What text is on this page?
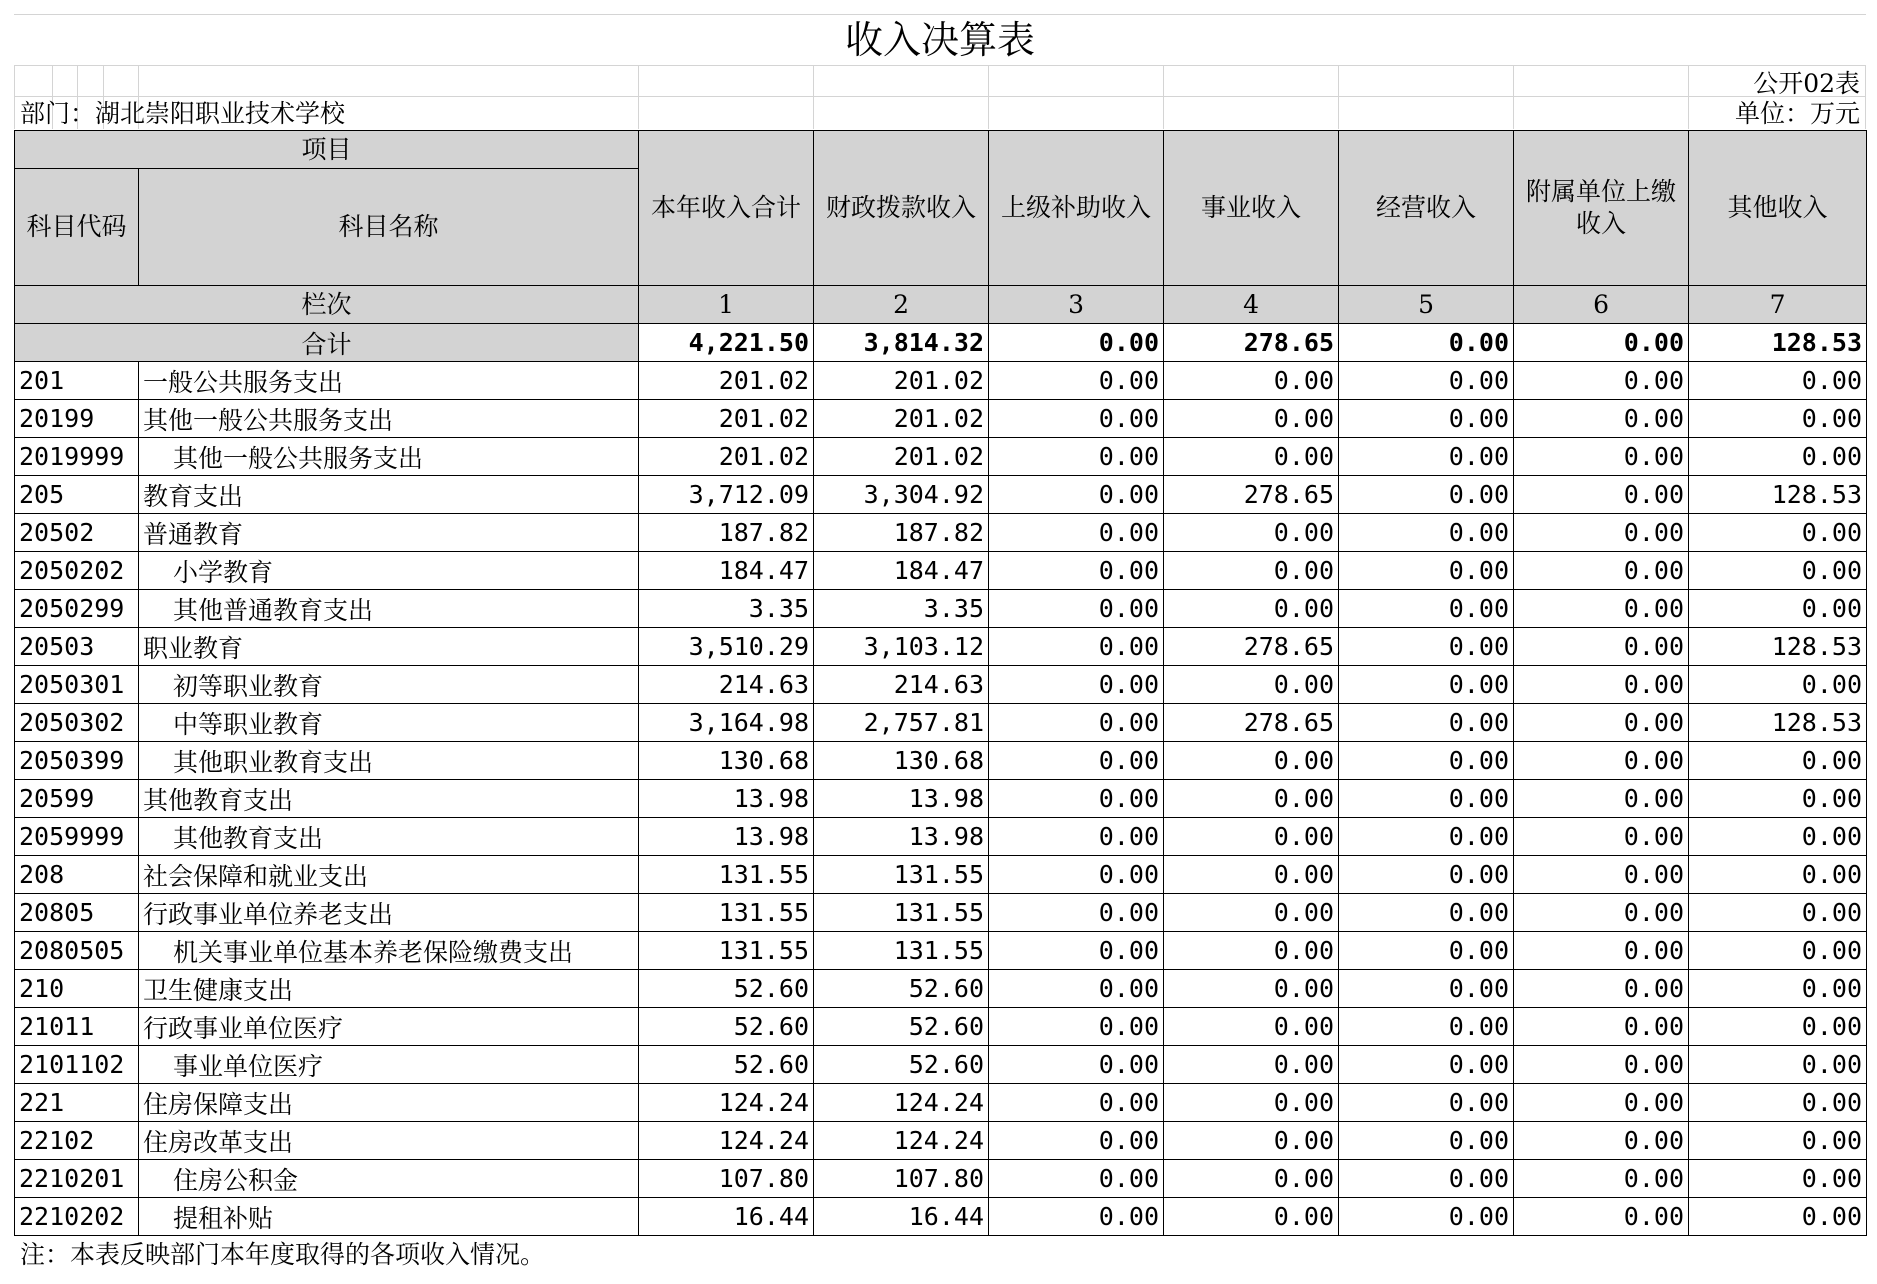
收入决算表
公开02表
部门：湖北崇阳职业技术学校	单位：万元
项目		本年收入合计	财政拨款收入	上级补助收入	事业收入	经营收入	附属单位上缴收入	其他收入
科目代码	科目名称							
栏次		1	2	3	4	5	6	7
合计		4,221.50	3,814.32	0.00	278.65	0.00	0.00	128.53
201	一般公共服务支出	201.02	201.02	0.00	0.00	0.00	0.00	0.00
20199	其他一般公共服务支出	201.02	201.02	0.00	0.00	0.00	0.00	0.00
2019999	其他一般公共服务支出	201.02	201.02	0.00	0.00	0.00	0.00	0.00
205	教育支出	3,712.09	3,304.92	0.00	278.65	0.00	0.00	128.53
20502	普通教育	187.82	187.82	0.00	0.00	0.00	0.00	0.00
2050202	小学教育	184.47	184.47	0.00	0.00	0.00	0.00	0.00
2050299	其他普通教育支出	3.35	3.35	0.00	0.00	0.00	0.00	0.00
20503	职业教育	3,510.29	3,103.12	0.00	278.65	0.00	0.00	128.53
2050301	初等职业教育	214.63	214.63	0.00	0.00	0.00	0.00	0.00
2050302	中等职业教育	3,164.98	2,757.81	0.00	278.65	0.00	0.00	128.53
2050399	其他职业教育支出	130.68	130.68	0.00	0.00	0.00	0.00	0.00
20599	其他教育支出	13.98	13.98	0.00	0.00	0.00	0.00	0.00
2059999	其他教育支出	13.98	13.98	0.00	0.00	0.00	0.00	0.00
208	社会保障和就业支出	131.55	131.55	0.00	0.00	0.00	0.00	0.00
20805	行政事业单位养老支出	131.55	131.55	0.00	0.00	0.00	0.00	0.00
2080505	机关事业单位基本养老保险缴费支出	131.55	131.55	0.00	0.00	0.00	0.00	0.00
210	卫生健康支出	52.60	52.60	0.00	0.00	0.00	0.00	0.00
21011	行政事业单位医疗	52.60	52.60	0.00	0.00	0.00	0.00	0.00
2101102	事业单位医疗	52.60	52.60	0.00	0.00	0.00	0.00	0.00
221	住房保障支出	124.24	124.24	0.00	0.00	0.00	0.00	0.00
22102	住房改革支出	124.24	124.24	0.00	0.00	0.00	0.00	0.00
2210201	住房公积金	107.80	107.80	0.00	0.00	0.00	0.00	0.00
2210202	提租补贴	16.44	16.44	0.00	0.00	0.00	0.00	0.00
注：本表反映部门本年度取得的各项收入情况。
